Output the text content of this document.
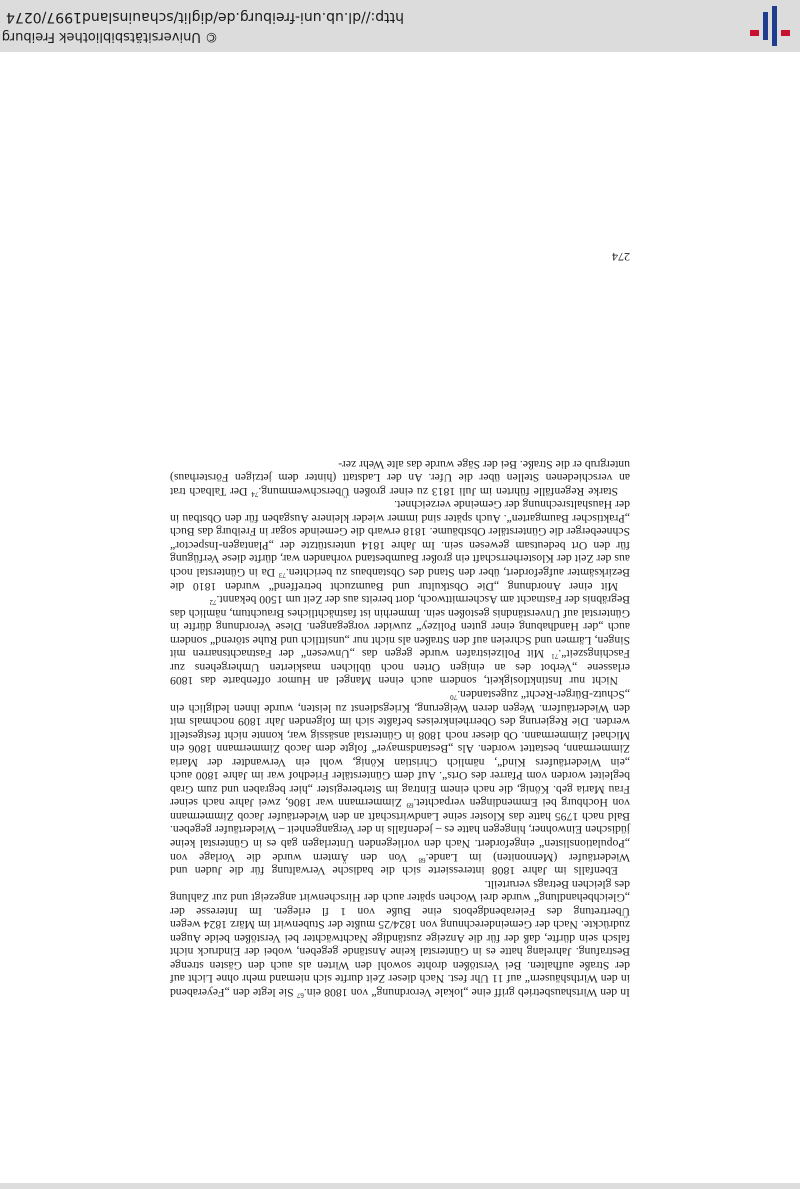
In den Wirtshausbetrieb griff eine „lokale Verordnung“ von 1808 ein.$^{67}$ Sie legte den „Feyerabend in den Wirthshäusern“ auf 11 Uhr fest. Nach dieser Zeit durfte sich niemand mehr ohne Licht auf der Straße aufhalten. Bei Verstößen drohte sowohl den Wirten als auch den Gästen strenge Bestrafung. Jahrelang hatte es in Günterstal keine Anstände gegeben, wobei der Eindruck nicht falsch sein dürfte, daß der für die Anzeige zuständige Nachtwächter bei Verstößen beide Augen zudrückte. Nach der Gemeinderechnung von 1824/25 mußte der Stubenwirt im März 1824 wegen Übertretung des Feierabendgebots eine Buße von 1 fl erlegen. Im Interesse der „Gleichbehandlung“ wurde drei Wochen später auch der Hirschenwirt angezeigt und zur Zahlung des gleichen Betrags verurteilt.

Ebenfalls im Jahre 1808 interessierte sich die badische Verwaltung für die Juden und Wiedertäufer (Mennoniten) im Lande.$^{68}$ Von den Ämtern wurde die Vorlage von „Populationslisten“ eingefordert. Nach den vorliegenden Unterlagen gab es in Günterstal keine jüdischen Einwohner, hingegen hatte es – jedenfalls in der Vergangenheit – Wiedertäufer gegeben. Bald nach 1795 hatte das Kloster seine Landwirtschaft an den Wiedertäufer Jacob Zimmermann von Hochburg bei Emmendingen verpachtet.$^{69}$ Zimmermann war 1806, zwei Jahre nach seiner Frau Maria geb. König, die nach einem Eintrag im Sterberegister „hier begraben und zum Grab begleitet worden vom Pfarrer des Orts“. Auf dem Günterstäler Friedhof war im Jahre 1800 auch „ein Wiedertäufers Kind“, nämlich Christian König, wohl ein Verwandter der Maria Zimmermann, bestattet worden. Als „Bestandsmayer“ folgte dem Jacob Zimmermann 1806 ein Michael Zimmermann. Ob dieser noch 1808 in Günterstal ansässig war, konnte nicht festgestellt werden. Die Regierung des Oberrheinkreises befaßte sich im folgenden Jahr 1809 nochmals mit den Wiedertäufern. Wegen deren Weigerung, Kriegsdienst zu leisten, wurde ihnen lediglich ein „Schutz-Bürger-Recht“ zugestanden.$^{70}$

Nicht nur Instinktlosigkeit, sondern auch einen Mangel an Humor offenbarte das 1809 erlassene „Verbot des an einigen Orten noch üblichen maskierten Umhergehens zur Faschingszeit“.$^{71}$ Mit Polizeistrafen wurde gegen das „Unwesen“ der Fastnachtsnarren mit Singen, Lärmen und Schreien auf den Straßen als nicht nur „unsittlich und Ruhe störend“ sondern auch „der Handhabung einer guten Polizey“ zuwider vorgegangen. Diese Verordnung dürfte in Günterstal auf Unverständnis gestoßen sein. Immerhin ist fastnächtliches Brauchtum, nämlich das Begräbnis der Fastnacht am Aschermittwoch, dort bereits aus der Zeit um 1500 bekannt.$^{72}$

Mit einer Anordnung „Die Obstkultur und Baumzucht betreffend“ wurden 1810 die Bezirksämter aufgefordert, über den Stand des Obstanbaus zu berichten.$^{73}$ Da in Günterstal noch aus der Zeit der Klosterherrschaft ein großer Baumbestand vorhanden war, dürfte diese Verfügung für den Ort bedeutsam gewesen sein. Im Jahre 1814 unterstützte der „Plantagen-Inspector“ Schneeberger die Günterstäler Obstbäume. 1818 erwarb die Gemeinde sogar in Freiburg das Buch „Praktischer Baumgarten“. Auch später sind immer wieder kleinere Ausgaben für den Obstbau in der Haushaltsrechnung der Gemeinde verzeichnet.

Starke Regenfälle führten im Juli 1813 zu einer großen Überschwemmung.$^{74}$ Der Talbach trat an verschiedenen Stellen über die Ufer. An der Ladstatt (hinter dem jetzigen Försterhaus) untergrub er die Straße. Bei der Säge wurde das alte Wehr zer-

274
© Universitätsbibliothek Freiburg
http://dl.ub.uni-freiburg.de/diglit/schauinsland1997/0274
